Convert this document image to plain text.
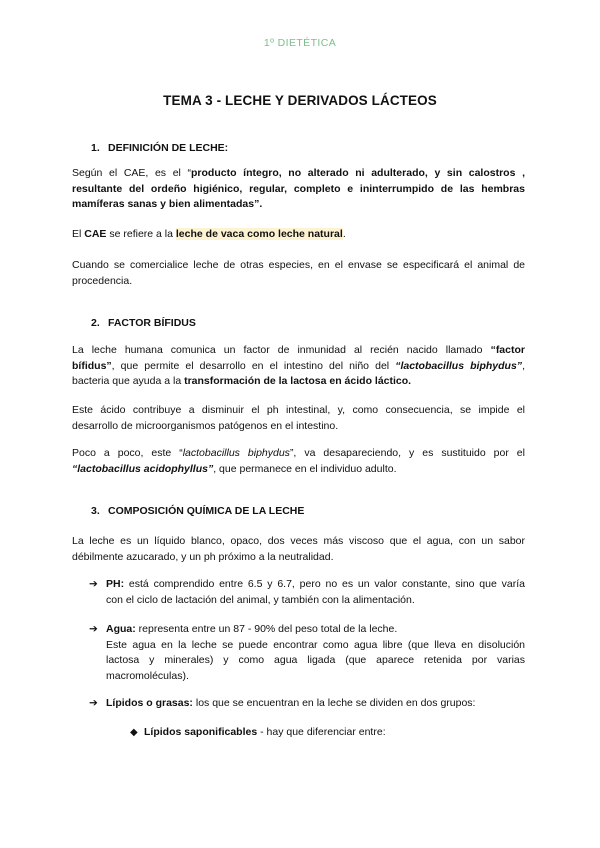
1º DIETÉTICA
TEMA 3 - LECHE Y DERIVADOS LÁCTEOS
1. DEFINICIÓN DE LECHE:
Según el CAE, es el “producto íntegro, no alterado ni adulterado, y sin calostros ,
resultante del ordeño higiénico, regular, completo e ininterrumpido de las hembras
mamíferas sanas y bien alimentadas”.
El CAE se refiere a la leche de vaca como leche natural.
Cuando se comercialice leche de otras especies, en el envase se especificará el animal de
procedencia.
2. FACTOR BÍFIDUS
La leche humana comunica un factor de inmunidad al recién nacido llamado “factor
bífidus”, que permite el desarrollo en el intestino del niño del “lactobacillus biphydus”,
bacteria que ayuda a la transformación de la lactosa en ácido láctico.
Este ácido contribuye a disminuir el ph intestinal, y, como consecuencia, se impide el
desarrollo de microorganismos patógenos en el intestino.
Poco a poco, este “lactobacillus biphydus”, va desapareciendo, y es sustituido por el
“lactobacillus acidophyllus”, que permanece en el individuo adulto.
3. COMPOSICIÓN QUÍMICA DE LA LECHE
La leche es un líquido blanco, opaco, dos veces más viscoso que el agua, con un sabor
débilmente azucarado, y un ph próximo a la neutralidad.
➔ PH: está comprendido entre 6.5 y 6.7, pero no es un valor constante, sino que varía
con el ciclo de lactación del animal, y también con la alimentación.
➔ Agua: representa entre un 87 - 90% del peso total de la leche.
Este agua en la leche se puede encontrar como agua libre (que lleva en disolución
lactosa y minerales) y como agua ligada (que aparece retenida por varias
macromoléculas).
➔ Lípidos o grasas: los que se encuentran en la leche se dividen en dos grupos:
◆ Lípidos saponificables - hay que diferenciar entre:
